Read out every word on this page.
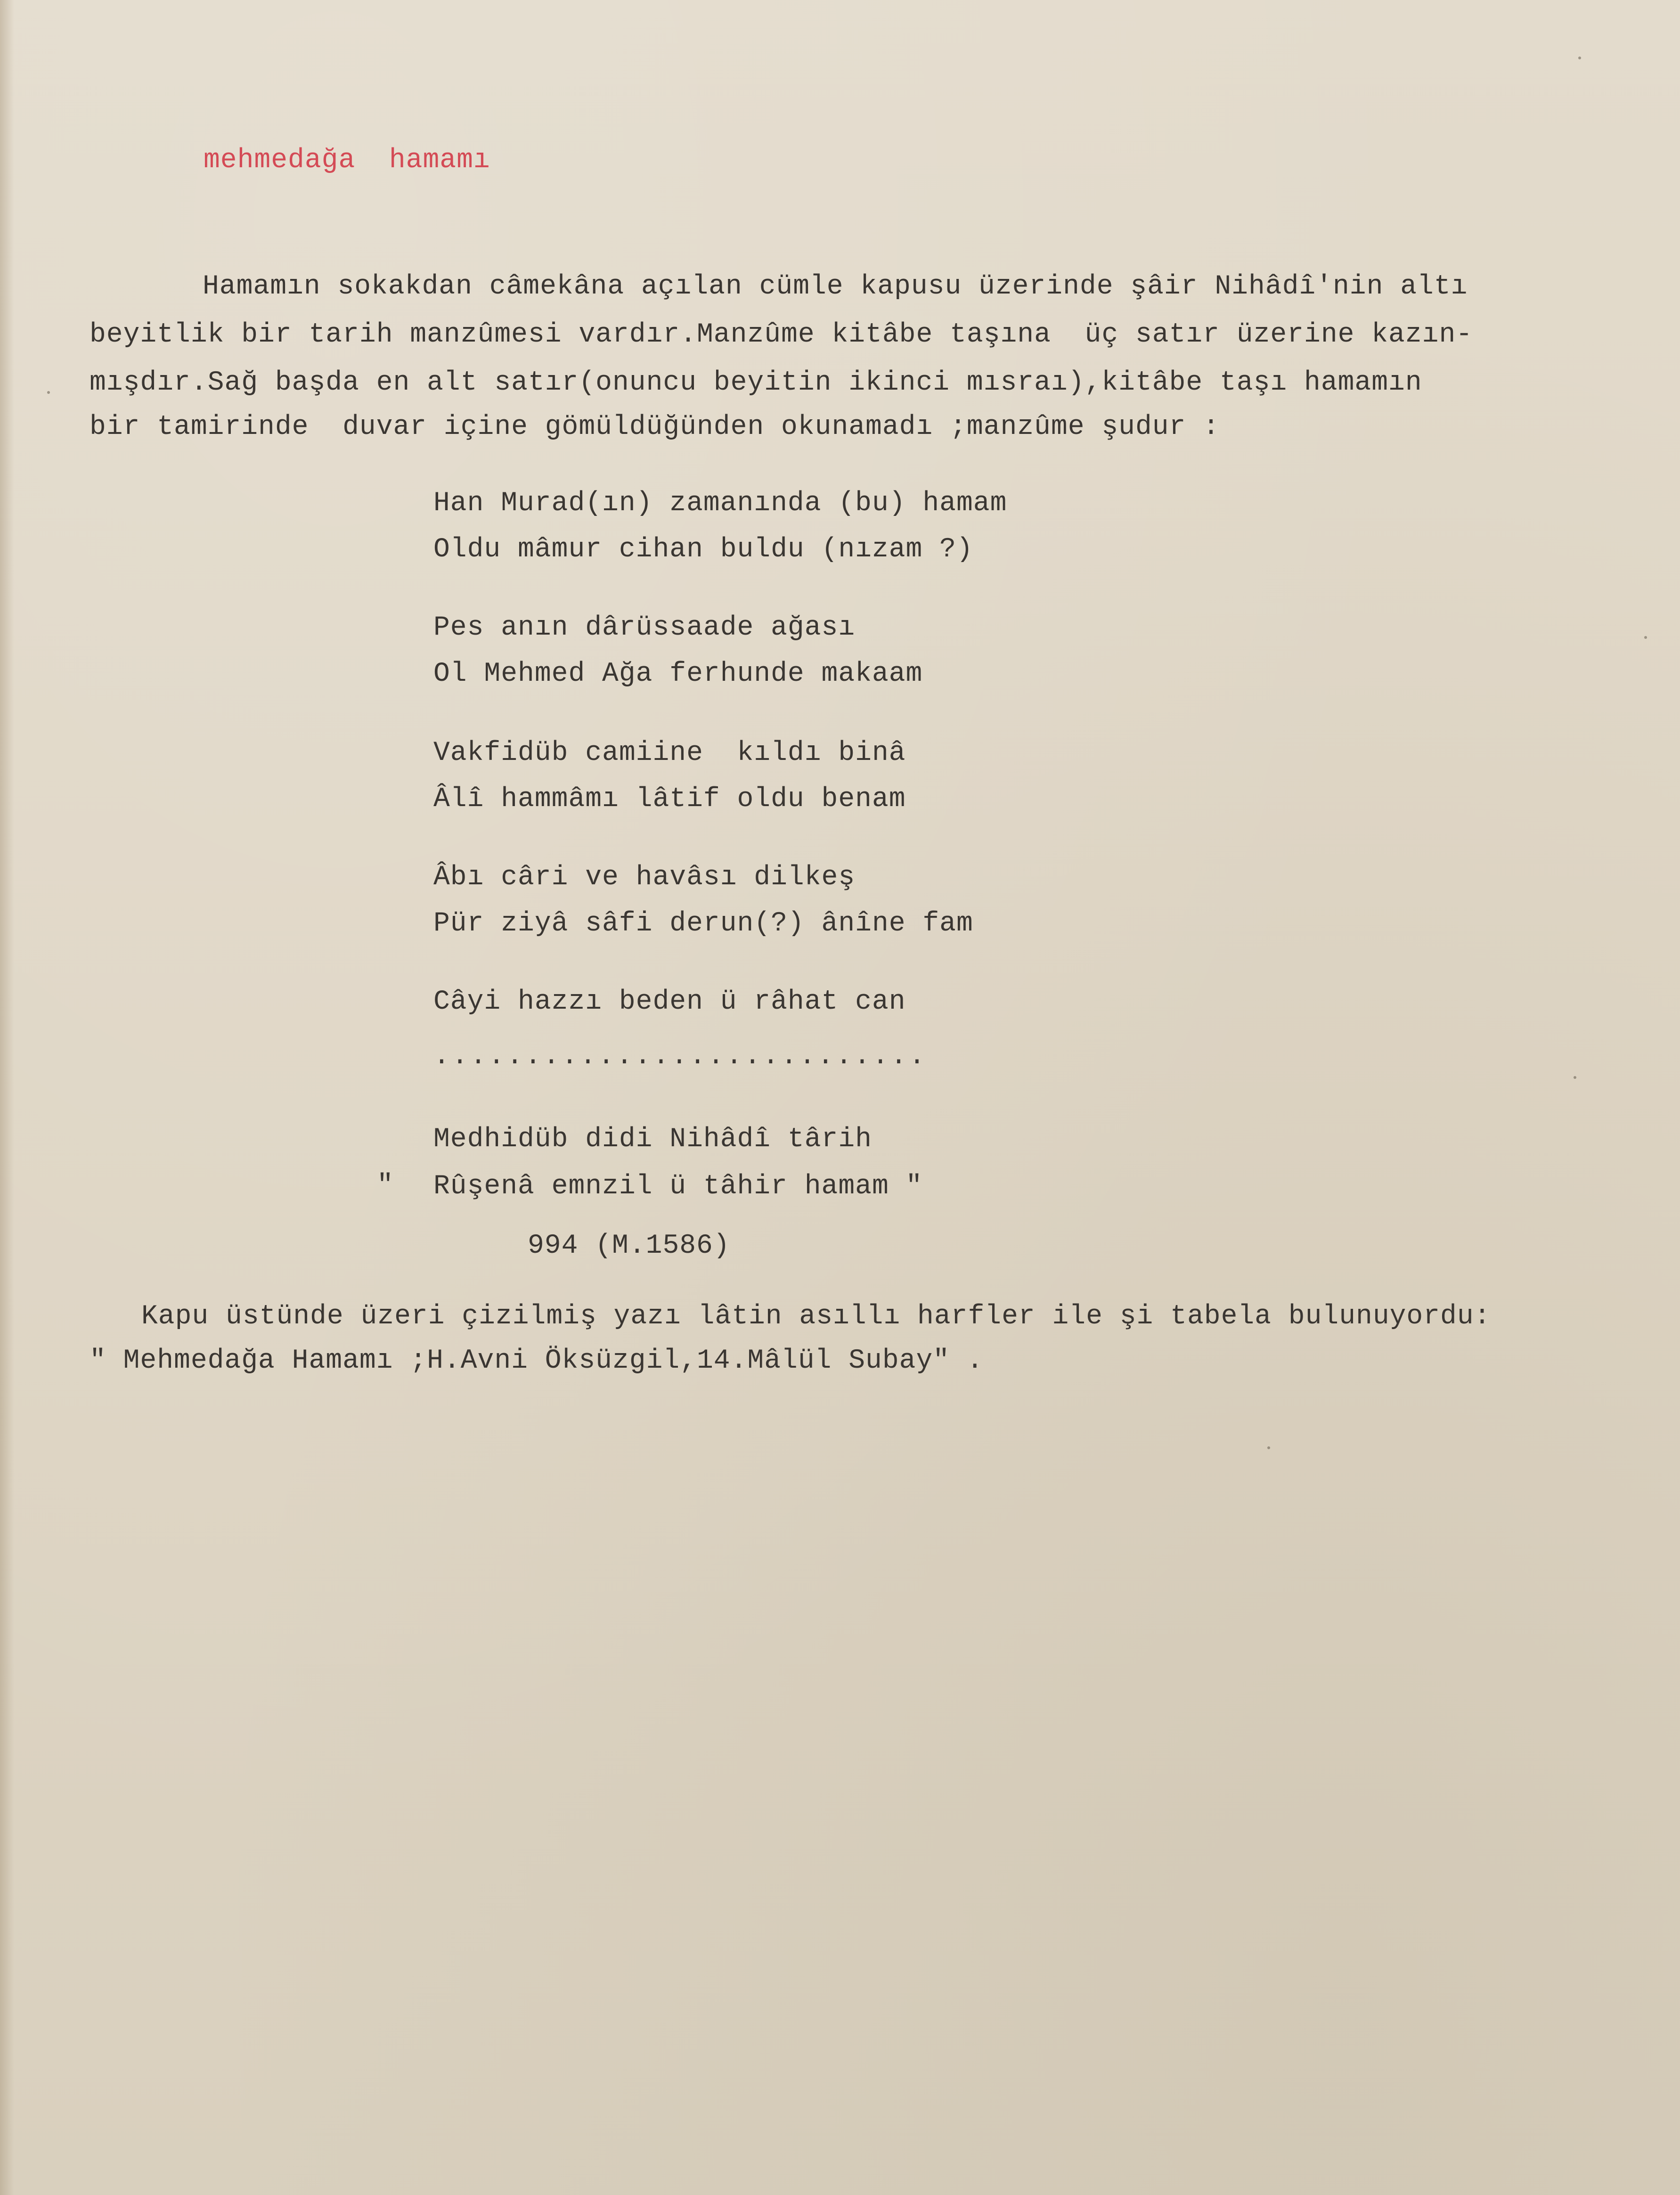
mehmedağa  hamamı
Hamamın sokakdan câmekâna açılan cümle kapusu üzerinde şâir Nihâdî'nin altı
beyitlik bir tarih manzûmesi vardır.Manzûme kitâbe taşına  üç satır üzerine kazın-
mışdır.Sağ başda en alt satır(onuncu beyitin ikinci mısraı),kitâbe taşı hamamın
bir tamirinde  duvar içine gömüldüğünden okunamadı ;manzûme şudur :
Han Murad(ın) zamanında (bu) hamam
Oldu mâmur cihan buldu (nızam ?)
Pes anın dârüssaade ağası
Ol Mehmed Ağa ferhunde makaam
Vakfidüb camiine  kıldı binâ
Âlî hammâmı lâtif oldu benam
Âbı câri ve havâsı dilkeş
Pür ziyâ sâfi derun(?) ânîne fam
Câyi hazzı beden ü râhat can
...........................
Medhidüb didi Nihâdî târih
" Rûşenâ emnzil ü tâhir hamam "
994 (M.1586)
Kapu üstünde üzeri çizilmiş yazı lâtin asıllı harfler ile şi tabela bulunuyordu:
" Mehmedağa Hamamı ;H.Avni Öksüzgil,14.Mâlül Subay" .
